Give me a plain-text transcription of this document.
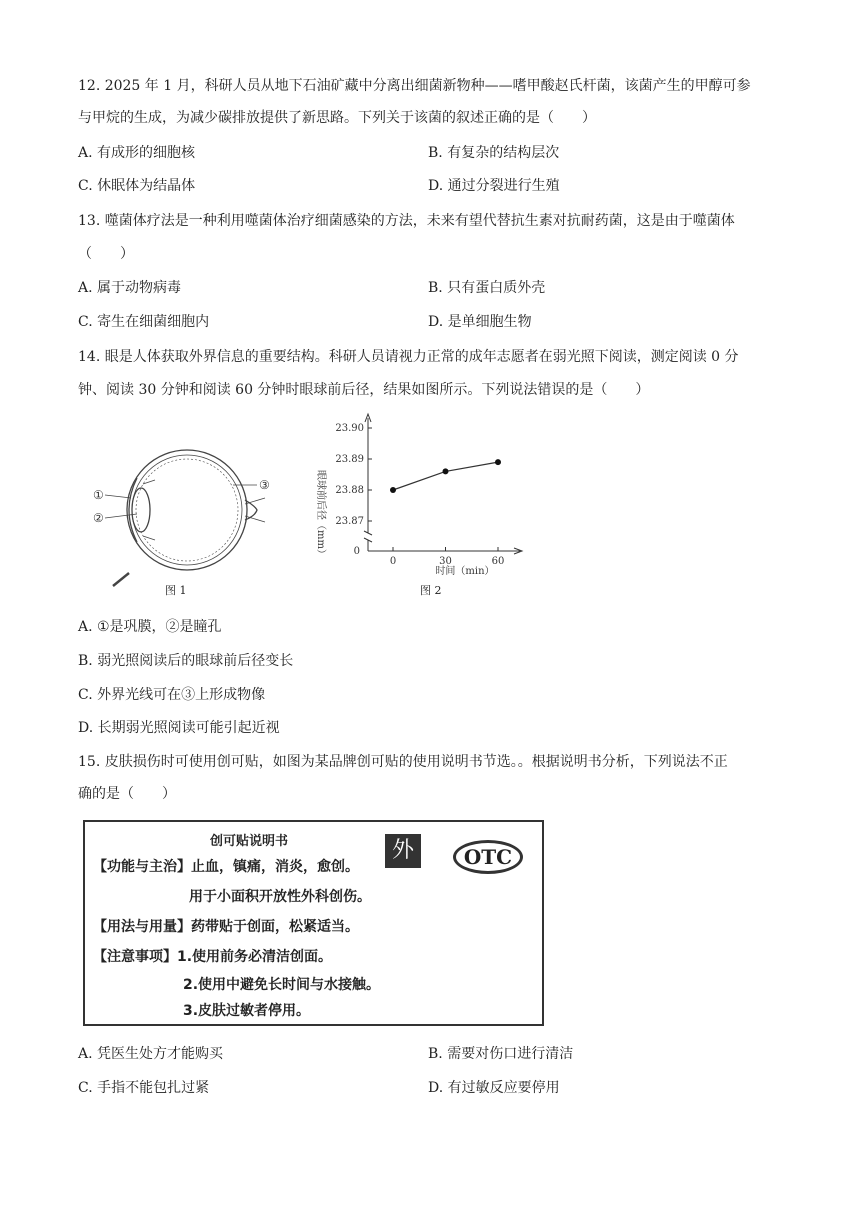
12. 2025 年 1 月，科研人员从地下石油矿藏中分离出细菌新物种——嗜甲酸赵氏杆菌，该菌产生的甲醇可参
与甲烷的生成，为减少碳排放提供了新思路。下列关于该菌的叙述正确的是（　　）
A. 有成形的细胞核	B. 有复杂的结构层次
C. 休眠体为结晶体	D. 通过分裂进行生殖
13. 噬菌体疗法是一种利用噬菌体治疗细菌感染的方法，未来有望代替抗生素对抗耐药菌，这是由于噬菌体
（　　）
A. 属于动物病毒	B. 只有蛋白质外壳
C. 寄生在细菌细胞内	D. 是单细胞生物
14. 眼是人体获取外界信息的重要结构。科研人员请视力正常的成年志愿者在弱光照下阅读，测定阅读 0 分
钟、阅读 30 分钟和阅读 60 分钟时眼球前后径，结果如图所示。下列说法错误的是（　　）
①
②
③
图 1
23.90
23.89
23.88
23.87
0
0	30	60
眼球前后径（mm）
时间（min）
图 2
A. ①是巩膜，②是瞳孔
B. 弱光照阅读后的眼球前后径变长
C. 外界光线可在③上形成物像
D. 长期弱光照阅读可能引起近视
15. 皮肤损伤时可使用创可贴，如图为某品牌创可贴的使用说明书节选。。根据说明书分析，下列说法不正
确的是（　　）
创可贴说明书	外	OTC
【功能与主治】止血，镇痛，消炎，愈创。
用于小面积开放性外科创伤。
【用法与用量】药带贴于创面，松紧适当。
【注意事项】1.使用前务必清洁创面。
2.使用中避免长时间与水接触。
3.皮肤过敏者停用。
A. 凭医生处方才能购买	B. 需要对伤口进行清洁
C. 手指不能包扎过紧	D. 有过敏反应要停用
